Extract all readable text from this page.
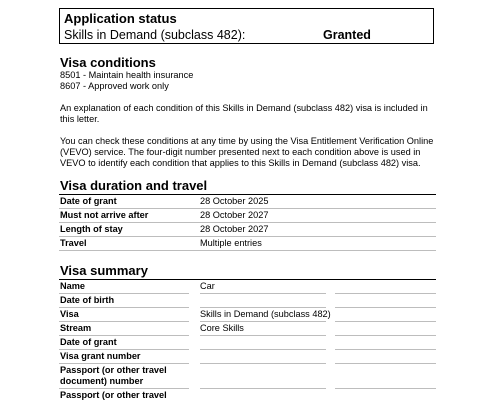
Application status
Skills in Demand (subclass 482):	Granted
Visa conditions
8501 - Maintain health insurance
8607 - Approved work only
An explanation of each condition of this Skills in Demand (subclass 482) visa is included in this letter.
You can check these conditions at any time by using the Visa Entitlement Verification Online (VEVO) service. The four-digit number presented next to each condition above is used in VEVO to identify each condition that applies to this Skills in Demand (subclass 482) visa.
Visa duration and travel
Date of grant	28 October 2025
Must not arrive after	28 October 2027
Length of stay	28 October 2027
Travel	Multiple entries
Visa summary
Name	Car
Date of birth
Visa	Skills in Demand (subclass 482)
Stream	Core Skills
Date of grant
Visa grant number
Passport (or other travel document) number
Passport (or other travel
